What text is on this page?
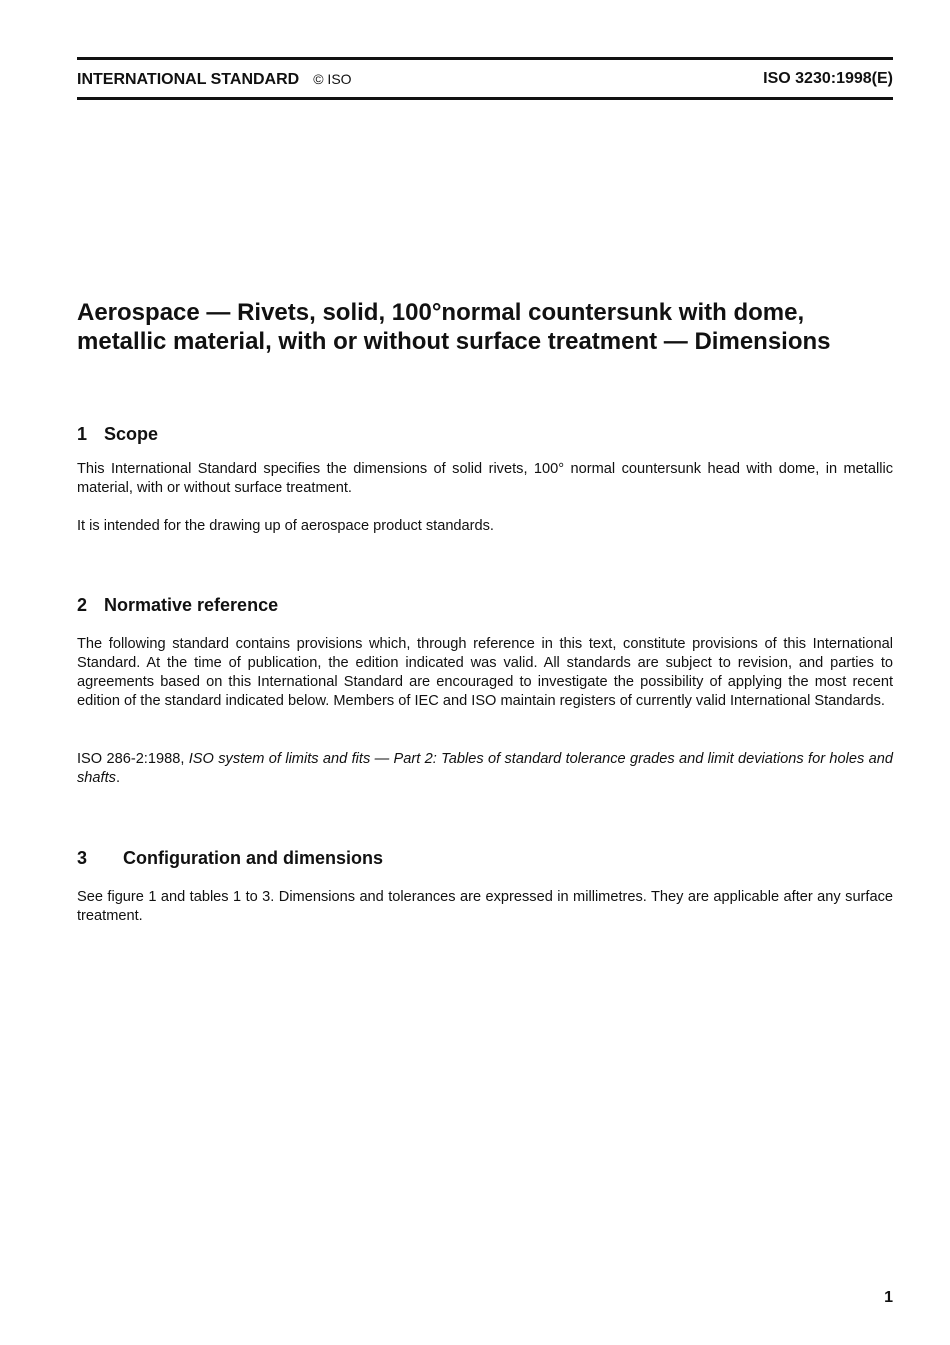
INTERNATIONAL STANDARD © ISO	ISO 3230:1998(E)
Aerospace — Rivets, solid, 100°normal countersunk with dome,
metallic material, with or without surface treatment — Dimensions
1 Scope

This International Standard specifies the dimensions of solid rivets, 100° normal countersunk head with dome, in metallic material, with or without surface treatment.

It is intended for the drawing up of aerospace product standards.

2 Normative reference

The following standard contains provisions which, through reference in this text, constitute provisions of this International Standard. At the time of publication, the edition indicated was valid. All standards are subject to revision, and parties to agreements based on this International Standard are encouraged to investigate the possibility of applying the most recent edition of the standard indicated below. Members of IEC and ISO maintain registers of currently valid International Standards.

ISO 286-2:1988, ISO system of limits and fits — Part 2: Tables of standard tolerance grades and limit deviations for holes and shafts.

3 Configuration and dimensions

See figure 1 and tables 1 to 3. Dimensions and tolerances are expressed in millimetres. They are applicable after any surface treatment.

1
